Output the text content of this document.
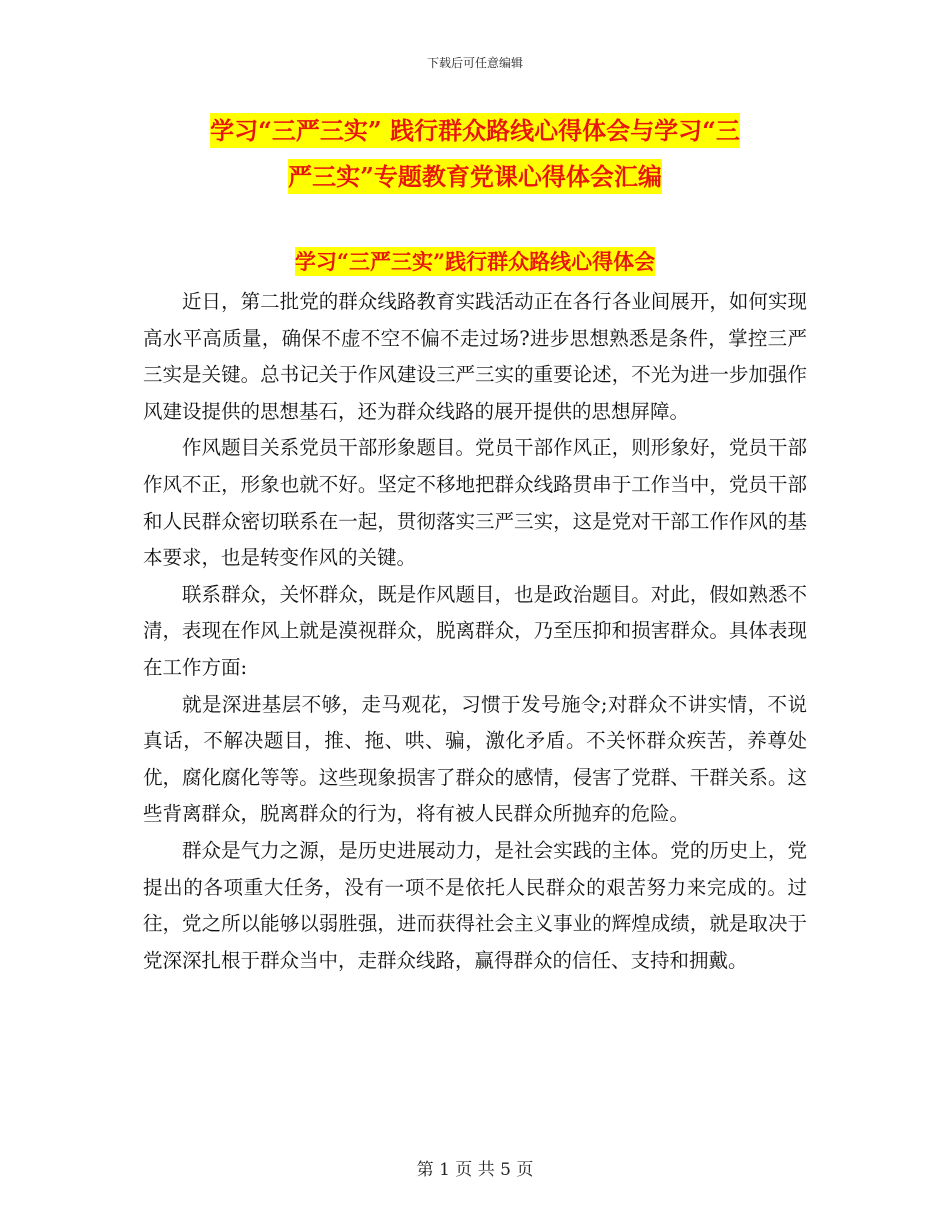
下载后可任意编辑
学习“三严三实” 践行群众路线心得体会与学习“三
严三实”专题教育党课心得体会汇编
学习“三严三实”践行群众路线心得体会

近日，第二批党的群众线路教育实践活动正在各行各业间展开，如何实现高水平高质量，确保不虚不空不偏不走过场?进步思想熟悉是条件，掌控三严三实是关键。总书记关于作风建设三严三实的重要论述，不光为进一步加强作风建设提供的思想基石，还为群众线路的展开提供的思想屏障。

作风题目关系党员干部形象题目。党员干部作风正，则形象好，党员干部作风不正，形象也就不好。坚定不移地把群众线路贯串于工作当中，党员干部和人民群众密切联系在一起，贯彻落实三严三实，这是党对干部工作作风的基本要求，也是转变作风的关键。

联系群众，关怀群众，既是作风题目，也是政治题目。对此，假如熟悉不清，表现在作风上就是漠视群众，脱离群众，乃至压抑和损害群众。具体表现在工作方面:

就是深进基层不够，走马观花，习惯于发号施令;对群众不讲实情，不说真话，不解决题目，推、拖、哄、骗，激化矛盾。不关怀群众疾苦，养尊处优，腐化腐化等等。这些现象损害了群众的感情，侵害了党群、干群关系。这些背离群众，脱离群众的行为，将有被人民群众所抛弃的危险。

群众是气力之源，是历史进展动力，是社会实践的主体。党的历史上，党提出的各项重大任务，没有一项不是依托人民群众的艰苦努力来完成的。过往，党之所以能够以弱胜强，进而获得社会主义事业的辉煌成绩，就是取决于党深深扎根于群众当中，走群众线路，赢得群众的信任、支持和拥戴。

第 1 页 共 5 页
